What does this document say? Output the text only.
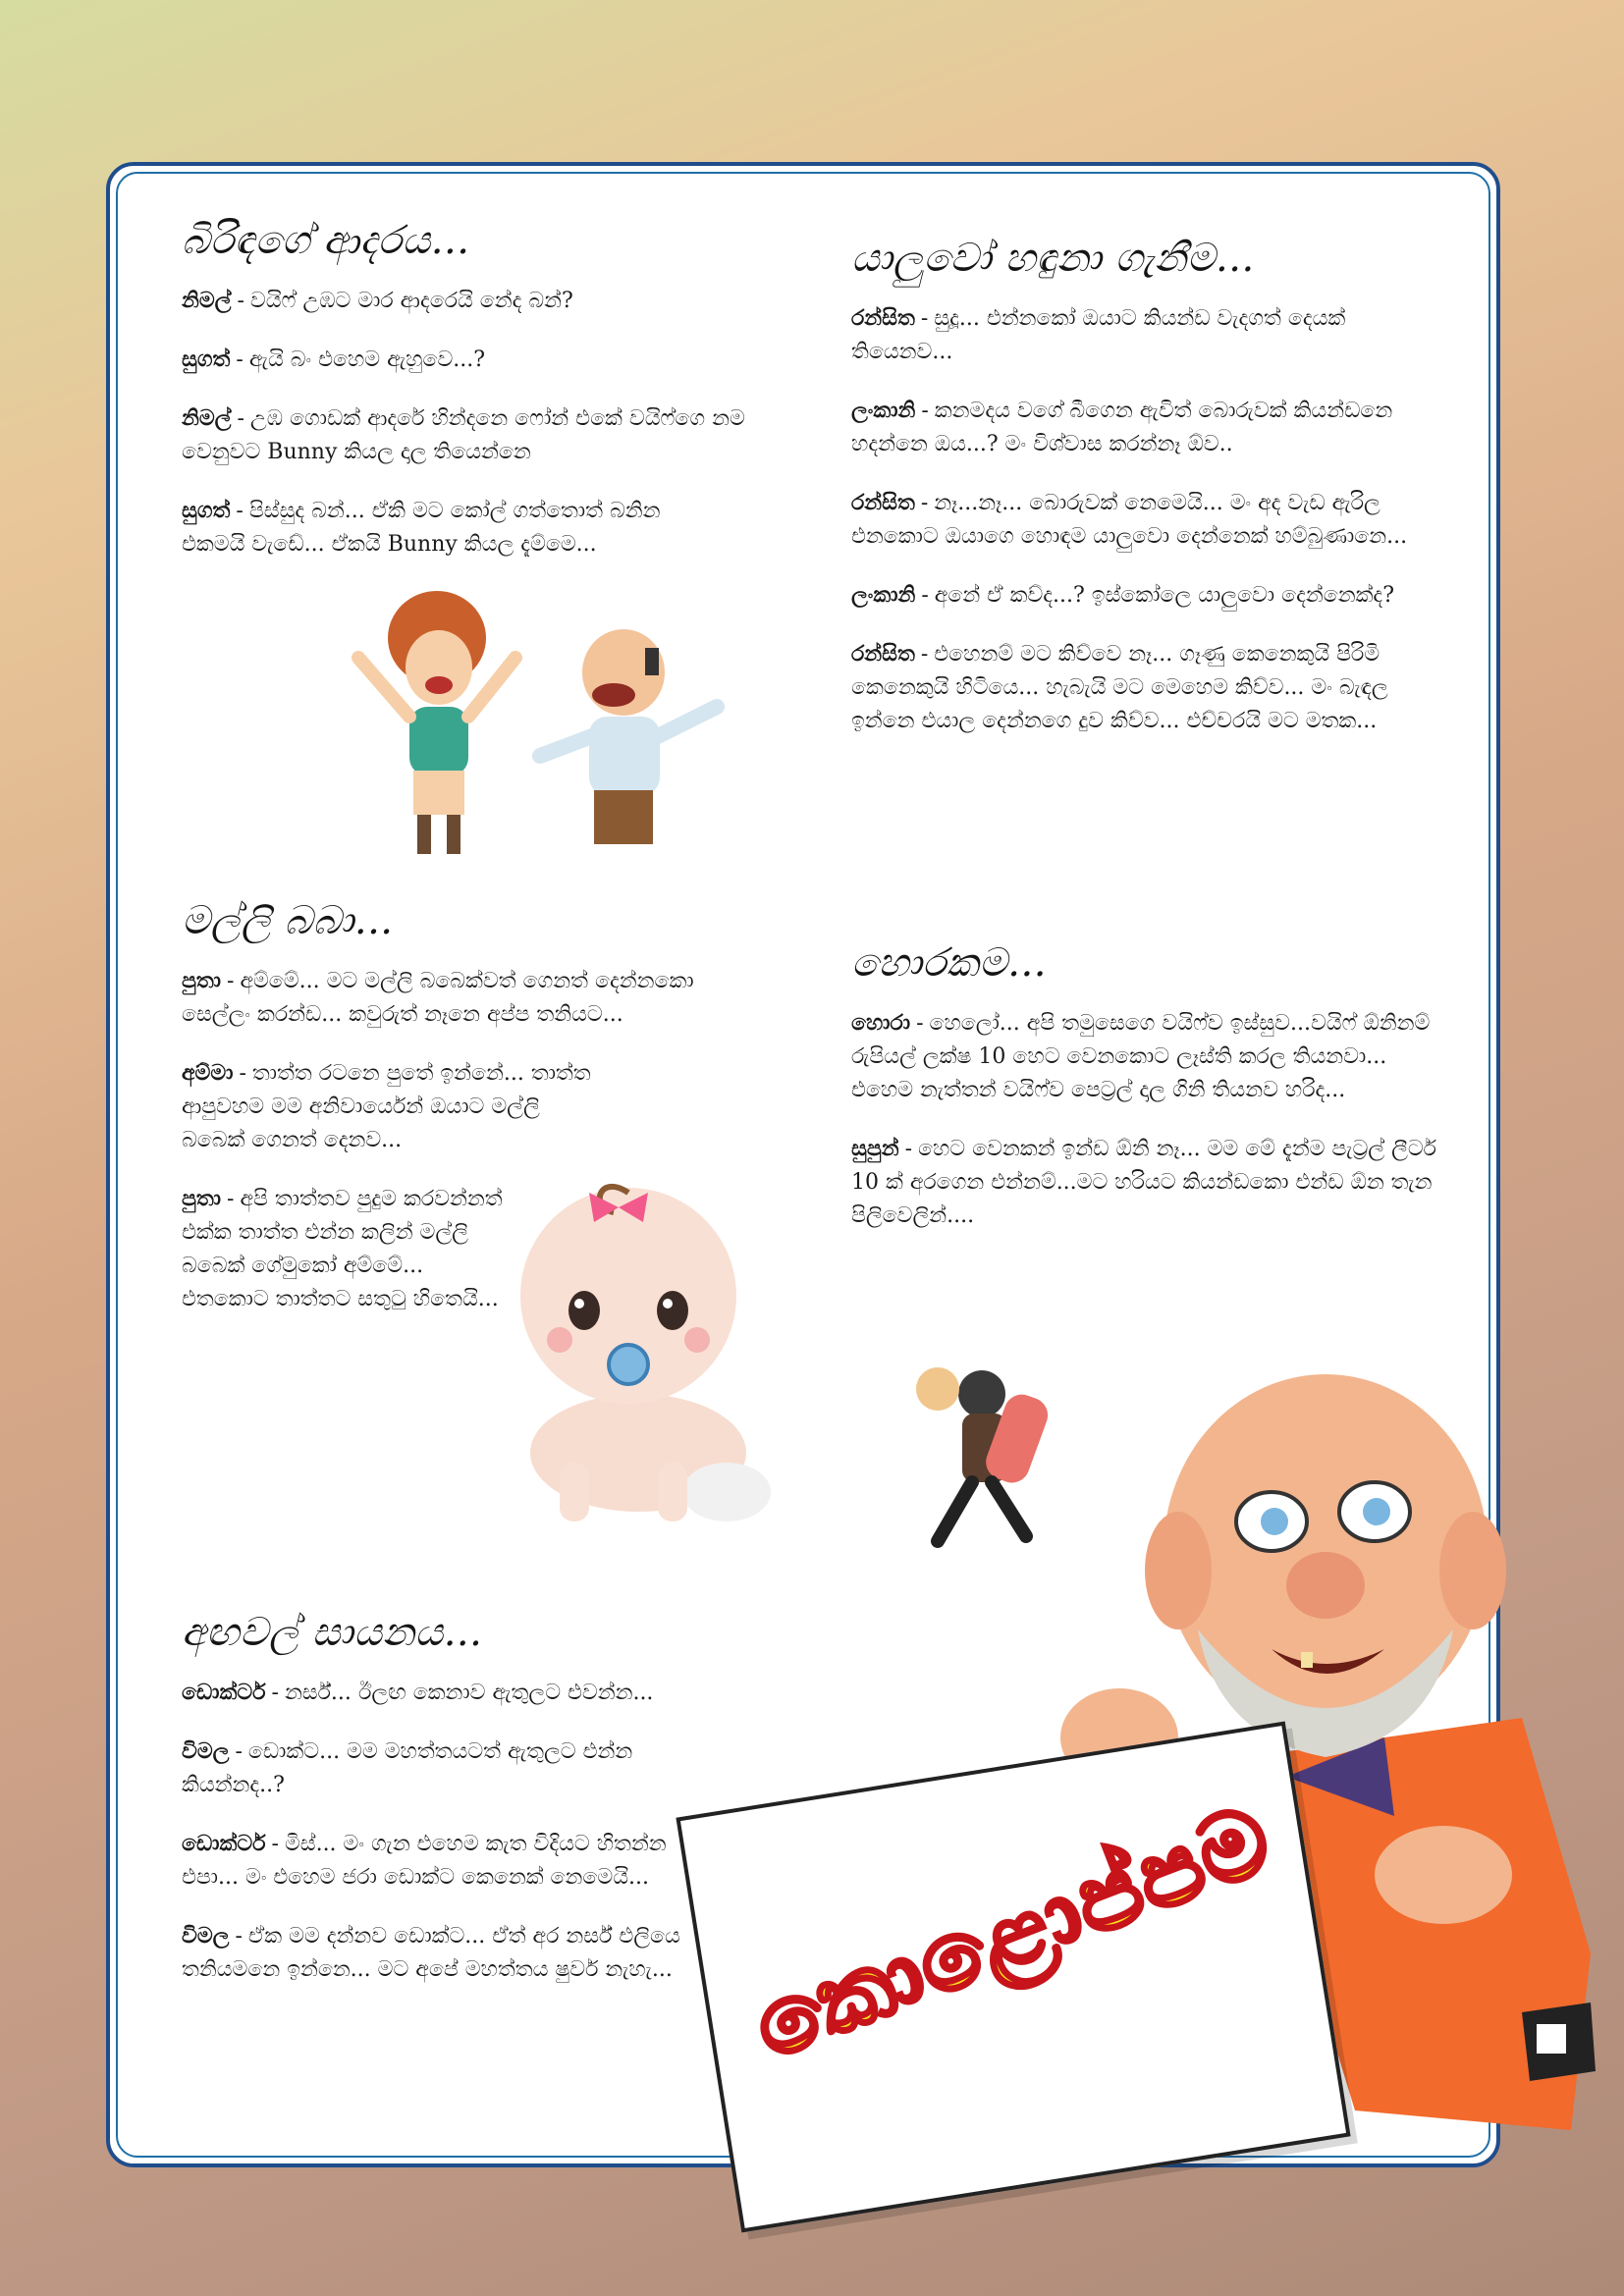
බිරිඳගේ ආදරය...

නිමල් - වයිෆ් උඹට මාර ආදරෙයි නේද බන්?

සුගත් - ඇයි බං එහෙම ඇහුවෙ...?

නිමල් - උඹ ගොඩක් ආදරේ හින්දනෙ ෆෝන් එකේ වයිෆ්ගෙ නම වෙනුවට Bunny කියල දාල තියෙන්නෙ

සුගත් - පිස්සුද බන්... ඒකි මට කෝල් ගත්තොත් බනින එකමයි වැඩේ... ඒකයි Bunny කියල දැම්මෙ...

යාලුවෝ හඳුනා ගැනීම...

රන්සිත - සුදූ... එන්නකෝ ඔයාට කියන්ඩ වැදගත් දෙයක් තියෙනව...

ලංකානි - කනමදය වගේ බීගෙන ඇවිත් බොරුවක් කියන්ඩනෙ හදන්නෙ ඔය...? මං විශ්වාස කරන්නෑ ඕව..

රන්සිත - නෑ...නෑ... බොරුවක් නෙමෙයි... මං අද වැඩ ඇරිල එනකොට ඔයාගෙ හොඳම යාලුවො දෙන්නෙක් හම්බුණානෙ...

ලංකානි - අනේ ඒ කව්ද...? ඉස්කෝලෙ යාලුවො දෙන්නෙක්ද?

රන්සිත - එහෙනම් මට කිව්වෙ නෑ... ගෑණු කෙනෙකුයි පිරිමි කෙනෙකුයි හිටියෙ... හැබැයි මට මෙහෙම කිව්ව... මං බැඳල ඉන්නෙ එයාල දෙන්නගෙ දුව කිව්ව... එච්චරයි මට මතක...

මල්ලි බබා...

පුතා - අම්මේ... මට මල්ලි බබෙක්වත් ගෙනත් දෙන්නකො සෙල්ලං කරන්ඩ... කවුරුත් නෑනෙ අප්ප තනියට...

අම්මා - තාත්ත රටනෙ පුතේ ඉන්නේ... තාත්ත ආපුවහම මම අනිවාර්යෙන් ඔයාට මල්ලි බබෙක් ගෙනත් දෙනව...

පුතා - අපි තාත්තව පුදුම කරවන්නත් එක්ක තාත්ත එන්න කලින් මල්ලි බබෙක් ගේමුකෝ අම්මේ... එතකොට තාත්තට සතුටු හිතෙයි...

හොරකම...

හොරා - හෙලෝ... අපි තමුසෙගෙ වයිෆ්ව ඉස්සුව...වයිෆ් ඕනිනම් රුපියල් ලක්ෂ 10 හෙට වෙනකොට ලෑස්ති කරල තියනවා... එහෙම නැත්තන් වයිෆ්ව පෙට්‍රල් දාල ගිනි තියනව හරිද...

සුපුන් - හෙට වෙනකන් ඉන්ඩ ඕනි නෑ... මම මේ දැන්ම පැට්‍රල් ලීටර් 10 ක් අරගෙන එන්නම්...මට හරියට කියන්ඩකො එන්ඩ ඕන තැන පිලිවෙලින්....

අඟවල් සායනය...

ඩොක්ටර් - නර්ස්... ඊලඟ කෙනාව ඇතුලට එවන්න...

විමල - ඩොක්ට... මම මහත්තයටත් ඇතුලට එන්න කියන්නද..?

ඩොක්ටර් - මිස්... මං ගැන එහෙම කැත විදියට හිතන්න එපා... මං එහෙම ජරා ඩොක්ට කෙනෙක් නෙමෙයි...

විමල - ඒක මම දන්නව ඩොක්ට... ඒත් අර නර්ස් එලියෙ තනියමනෙ ඉන්නෙ... මට අපේ මහත්තය ෂුවර් නැහැ... කොළොප්පම
